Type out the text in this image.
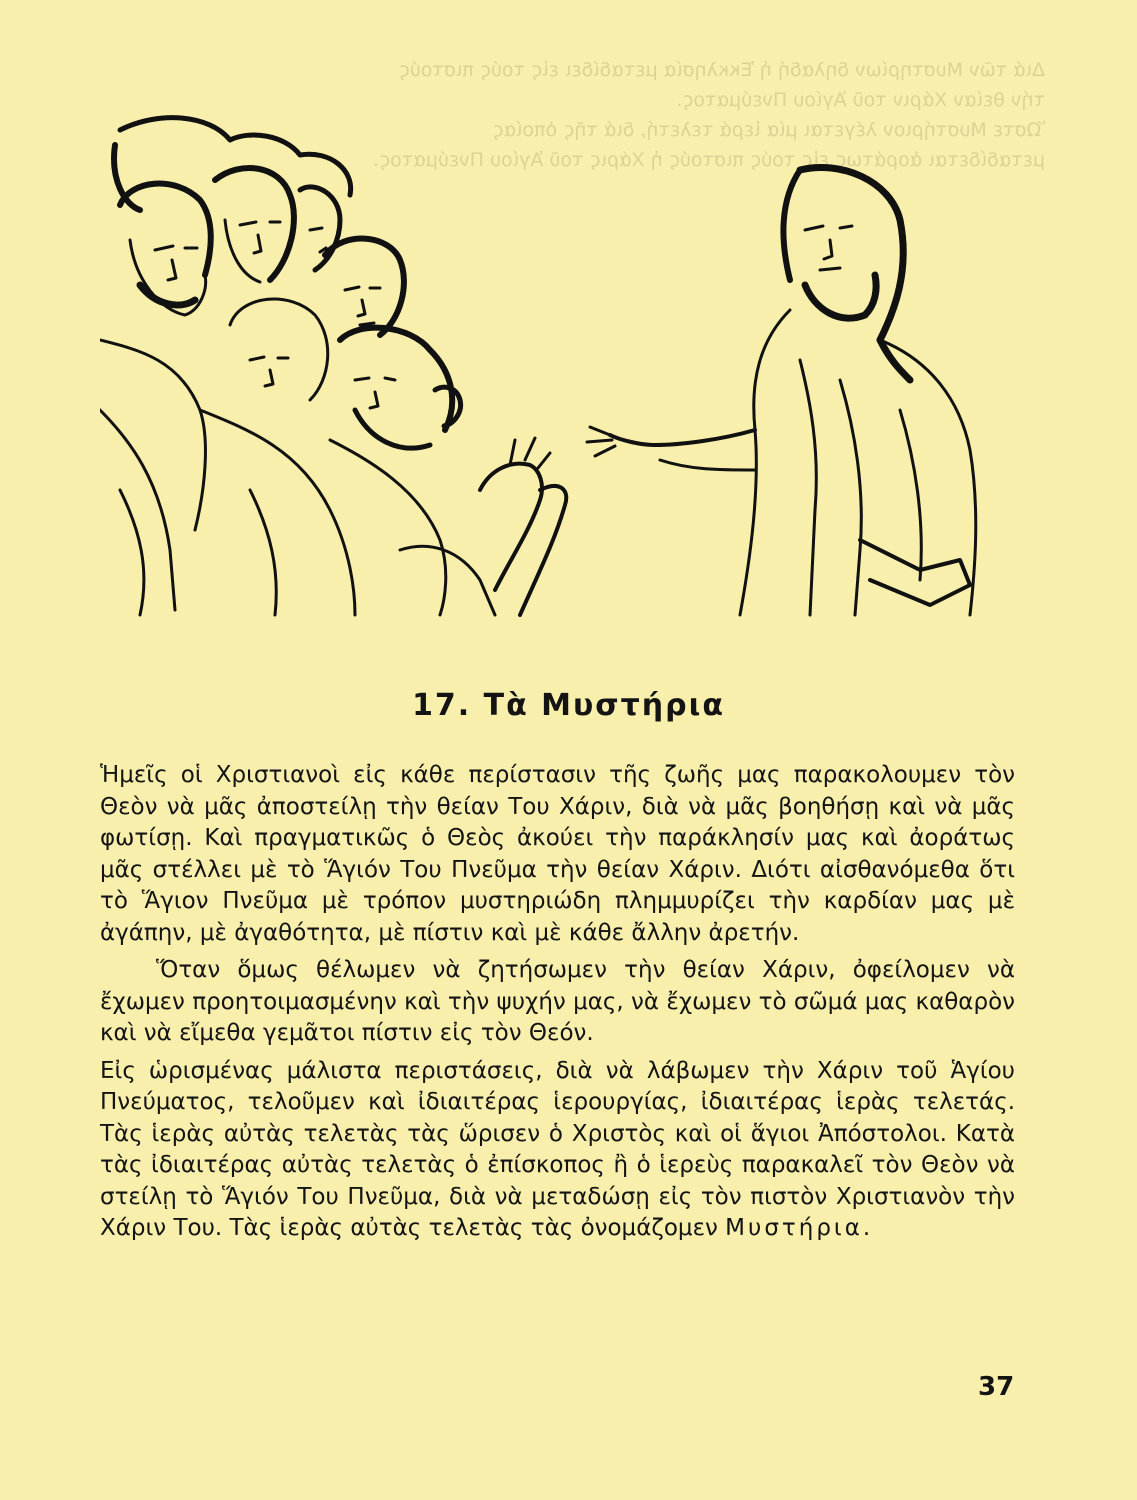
Διά τῶν Μυστηρίων δηλαδή ἡ Ἐκκλησία μεταδίδει εἰς τούς πιστούς

τήν θείαν Χάριν τοῦ Ἁγίου Πνεύματος.

Ὥστε Μυστήριον λέγεται μία ἱερά τελετή, διά τῆς ὁποίας

μεταδίδεται ἀοράτως εἰς τούς πιστούς ἡ Χάρις τοῦ Ἁγίου Πνεύματος.

17. Τὰ Μυστήρια

Ἡμεῖς οἱ Χριστιανοὶ εἰς κάθε περίστασιν τῆς ζωῆς μας παρακολουμεν τὸν Θεὸν νὰ μᾶς ἀποστείλῃ τὴν θείαν Του Χάριν, διὰ νὰ μᾶς βοηθήσῃ καὶ νὰ μᾶς φωτίσῃ. Καὶ πραγματικῶς ὁ Θεὸς ἀκούει τὴν παράκλησίν μας καὶ ἀοράτως μᾶς στέλλει μὲ τὸ Ἅγιόν Του Πνεῦμα τὴν θείαν Χάριν. Διότι αἰσθανόμεθα ὅτι τὸ Ἅγιον Πνεῦμα μὲ τρόπον μυστηριώδη πλημμυρίζει τὴν καρδίαν μας μὲ ἀγάπην, μὲ ἀγαθότητα, μὲ πίστιν καὶ μὲ κάθε ἄλλην ἀρετήν.

Ὅταν ὅμως θέλωμεν νὰ ζητήσωμεν τὴν θείαν Χάριν, ὀφείλομεν νὰ ἔχωμεν προητοιμασμένην καὶ τὴν ψυχήν μας, νὰ ἔχωμεν τὸ σῶμά μας καθαρὸν καὶ νὰ εἴμεθα γεμᾶτοι πίστιν εἰς τὸν Θεόν.

Εἰς ὡρισμένας μάλιστα περιστάσεις, διὰ νὰ λάβωμεν τὴν Χάριν τοῦ Ἁγίου Πνεύματος, τελοῦμεν καὶ ἰδιαιτέρας ἱερουργίας, ἰδιαιτέρας ἱερὰς τελετάς. Τὰς ἱερὰς αὐτὰς τελετὰς τὰς ὥρισεν ὁ Χριστὸς καὶ οἱ ἅγιοι Ἀπόστολοι. Κατὰ τὰς ἰδιαιτέρας αὐτὰς τελετὰς ὁ ἐπίσκοπος ἢ ὁ ἱερεὺς παρακαλεῖ τὸν Θεὸν νὰ στείλῃ τὸ Ἅγιόν Του Πνεῦμα, διὰ νὰ μεταδώσῃ εἰς τὸν πιστὸν Χριστιανὸν τὴν Χάριν Του. Τὰς ἱερὰς αὐτὰς τελετὰς τὰς ὀνομάζομεν Μυστήρια.

37
